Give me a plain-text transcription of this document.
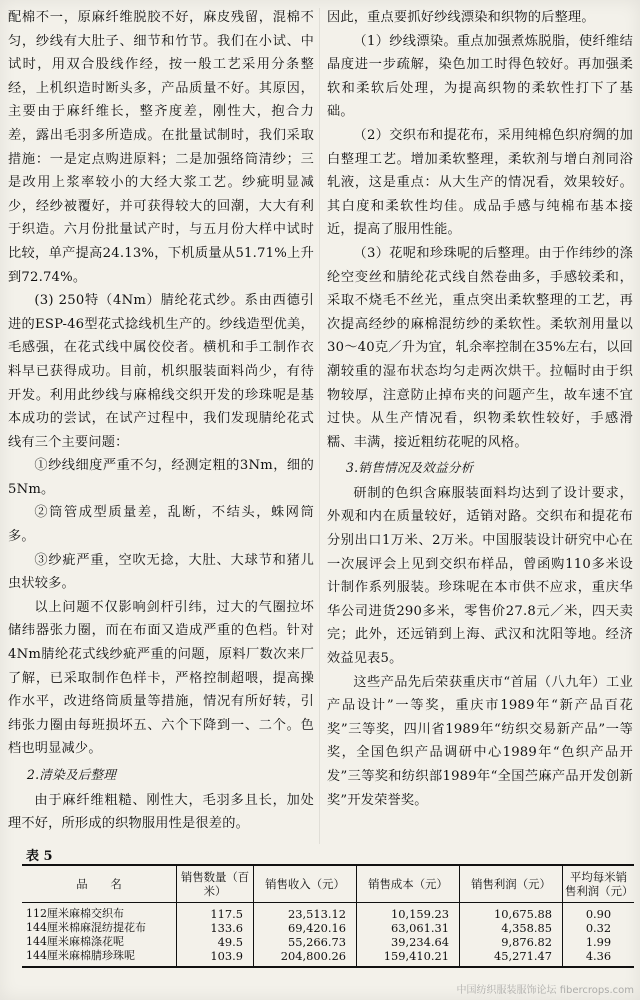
配棉不一，原麻纤维脱胶不好，麻皮残留，混棉不匀，纱线有大肚子、细节和竹节。我们在小试、中试时，用双合股线作经，按一般工艺采用分条整经，上机织造时断头多，产品质量不好。其原因，主要由于麻纤维长，整齐度差，刚性大，抱合力差，露出毛羽多所造成。在批量试制时，我们采取措施：一是定点购进原料；二是加强络筒清纱；三是改用上浆率较小的大经大浆工艺。纱疵明显减少，经纱被覆好，并可获得较大的回潮，大大有利于织造。六月份批量试产时，与五月份大样中试时比较，单产提高24.13%，下机质量从51.71%上升到72.74%。

(3) 250特（4Nm）腈纶花式纱。系由西德引进的ESP-46型花式捻线机生产的。纱线造型优美，毛感强，在花式线中属佼佼者。横机和手工制作衣料早已获得成功。目前，机织服装面料尚少，有待开发。利用此纱线与麻棉线交织开发的珍珠呢是基本成功的尝试，在试产过程中，我们发现腈纶花式线有三个主要问题：

①纱线细度严重不匀，经测定粗的3Nm，细的5Nm。

②筒管成型质量差，乱断，不结头，蛛网筒多。

③纱疵严重，空吹无捻，大肚、大球节和猪儿虫状较多。

以上问题不仅影响剑杆引纬，过大的气圈拉坏储纬器张力圈，而在布面又造成严重的色档。针对4Nm腈纶花式线纱疵严重的问题，原料厂数次来厂了解，已采取制作色样卡，严格控制超喂，提高操作水平，改进络筒质量等措施，情况有所好转，引纬张力圈由每班损坏五、六个下降到一、二个。色档也明显减少。

2.清染及后整理

由于麻纤维粗糙、刚性大，毛羽多且长，加处理不好，所形成的织物服用性是很差的。

因此，重点要抓好纱线漂染和织物的后整理。

（1）纱线漂染。重点加强煮炼脱脂，使纤维结晶度进一步疏解，染色加工时得色较好。再加强柔软和柔软后处理，为提高织物的柔软性打下了基础。

（2）交织布和提花布，采用纯棉色织府绸的加白整理工艺。增加柔软整理，柔软剂与增白剂同浴轧液，这是重点：从大生产的情况看，效果较好。其白度和柔软性均佳。成品手感与纯棉布基本接近，提高了服用性能。

（3）花呢和珍珠呢的后整理。由于作纬纱的涤纶空变丝和腈纶花式线自然卷曲多，手感较柔和，采取不烧毛不丝光，重点突出柔软整理的工艺，再次提高经纱的麻棉混纺纱的柔软性。柔软剂用量以30～40克／升为宜，轧余率控制在35%左右，以回潮较重的湿布状态均匀走两次烘干。拉幅时由于织物较厚，注意防止掉布夹的问题产生，故车速不宜过快。从生产情况看，织物柔软性较好，手感滑糯、丰满，接近粗纺花呢的风格。

3.销售情况及效益分析

研制的色织含麻服装面料均达到了设计要求，外观和内在质量较好，适销对路。交织布和提花布分别出口1万米、2万米。中国服装设计研究中心在一次展评会上见到交织布样品，曾函购110多米设计制作系列服装。珍珠呢在本市供不应求，重庆华华公司进货290多米，零售价27.8元／米，四天卖完；此外，还远销到上海、武汉和沈阳等地。经济效益见表5。

这些产品先后荣获重庆市“首届（八九年）工业产品设计”一等奖，重庆市1989年“新产品百花奖”三等奖，四川省1989年“纺织交易新产品”一等奖，全国色织产品调研中心1989年“色织产品开发”三等奖和纺织部1989年“全国苎麻产品开发创新奖”开发荣誉奖。

表 5
品　　名	销售数量（百米）	销售收入（元）	销售成本（元）	销售利润（元）	平均每米销售利润（元）
112厘米麻棉交织布	117.5	23,513.12	10,159.23	10,675.88	0.90
144厘米棉麻混纺提花布	133.6	69,420.16	63,061.31	4,358.85	0.32
144厘米麻棉涤花呢	49.5	55,266.73	39,234.64	9,876.82	1.99
144厘米麻棉腈珍珠呢	103.9	204,800.26	159,410.21	45,271.47	4.36
中国纺织服装服饰论坛 fibercrops.com
